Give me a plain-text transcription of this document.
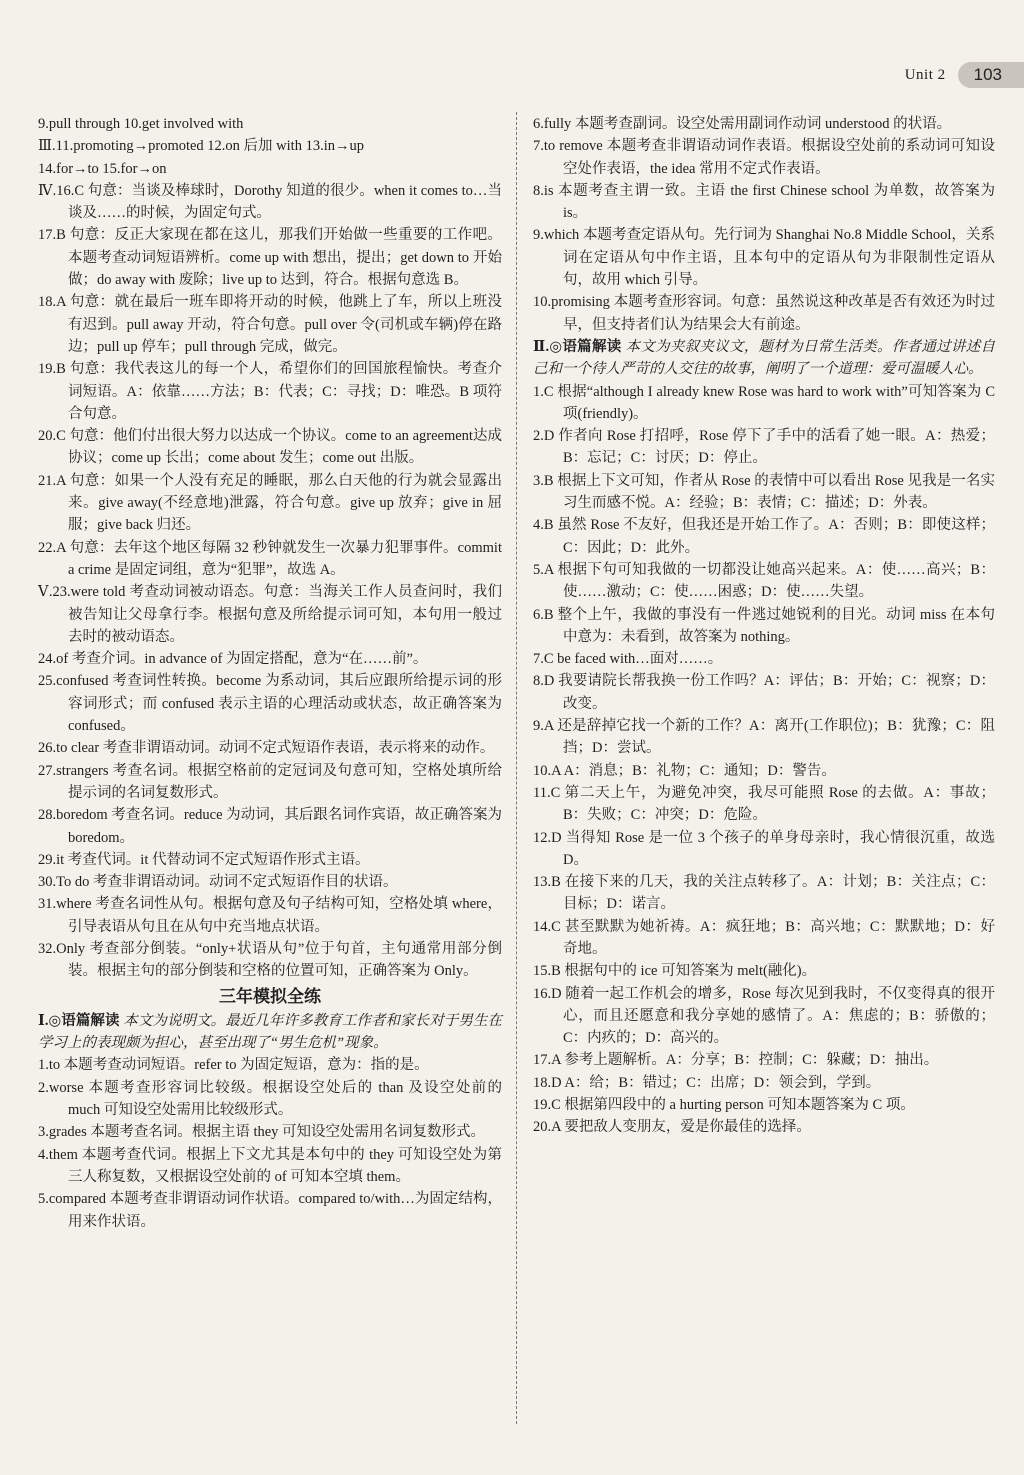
Unit 2	103
9.pull through 10.get involved with
Ⅲ.11.promoting→promoted 12.on 后加 with 13.in→up
14.for→to 15.for→on
Ⅳ.16.C 句意：当谈及棒球时，Dorothy 知道的很少。when it comes to…当谈及……的时候，为固定句式。
17.B 句意：反正大家现在都在这儿，那我们开始做一些重要的工作吧。本题考查动词短语辨析。come up with 想出，提出；get down to 开始做；do away with 废除；live up to 达到，符合。根据句意选 B。
18.A 句意：就在最后一班车即将开动的时候，他跳上了车，所以上班没有迟到。pull away 开动，符合句意。pull over 令(司机或车辆)停在路边；pull up 停车；pull through 完成，做完。
19.B 句意：我代表这儿的每一个人，希望你们的回国旅程愉快。考查介词短语。A：依靠……方法；B：代表；C：寻找；D：唯恐。B 项符合句意。
20.C 句意：他们付出很大努力以达成一个协议。come to an agreement达成协议；come up 长出；come about 发生；come out 出版。
21.A 句意：如果一个人没有充足的睡眠，那么白天他的行为就会显露出来。give away(不经意地)泄露，符合句意。give up 放弃；give in 屈服；give back 归还。
22.A 句意：去年这个地区每隔 32 秒钟就发生一次暴力犯罪事件。commit a crime 是固定词组，意为“犯罪”，故选 A。
Ⅴ.23.were told 考查动词被动语态。句意：当海关工作人员查问时，我们被告知让父母拿行李。根据句意及所给提示词可知，本句用一般过去时的被动语态。
24.of 考查介词。in advance of 为固定搭配，意为“在……前”。
25.confused 考查词性转换。become 为系动词，其后应跟所给提示词的形容词形式；而 confused 表示主语的心理活动或状态，故正确答案为 confused。
26.to clear 考查非谓语动词。动词不定式短语作表语，表示将来的动作。
27.strangers 考查名词。根据空格前的定冠词及句意可知，空格处填所给提示词的名词复数形式。
28.boredom 考查名词。reduce 为动词，其后跟名词作宾语，故正确答案为 boredom。
29.it 考查代词。it 代替动词不定式短语作形式主语。
30.To do 考查非谓语动词。动词不定式短语作目的状语。
31.where 考查名词性从句。根据句意及句子结构可知，空格处填 where，引导表语从句且在从句中充当地点状语。
32.Only 考查部分倒装。“only+状语从句”位于句首，主句通常用部分倒装。根据主句的部分倒装和空格的位置可知，正确答案为 Only。
三年模拟全练
Ⅰ.◎语篇解读 本文为说明文。最近几年许多教育工作者和家长对于男生在学习上的表现颇为担心，甚至出现了“男生危机”现象。
1.to 本题考查动词短语。refer to 为固定短语，意为：指的是。
2.worse 本题考查形容词比较级。根据设空处后的 than 及设空处前的 much 可知设空处需用比较级形式。
3.grades 本题考查名词。根据主语 they 可知设空处需用名词复数形式。
4.them 本题考查代词。根据上下文尤其是本句中的 they 可知设空处为第三人称复数，又根据设空处前的 of 可知本空填 them。
5.compared 本题考查非谓语动词作状语。compared to/with…为固定结构，用来作状语。
6.fully 本题考查副词。设空处需用副词作动词 understood 的状语。
7.to remove 本题考查非谓语动词作表语。根据设空处前的系动词可知设空处作表语，the idea 常用不定式作表语。
8.is 本题考查主谓一致。主语 the first Chinese school 为单数，故答案为 is。
9.which 本题考查定语从句。先行词为 Shanghai No.8 Middle School，关系词在定语从句中作主语，且本句中的定语从句为非限制性定语从句，故用 which 引导。
10.promising 本题考查形容词。句意：虽然说这种改革是否有效还为时过早，但支持者们认为结果会大有前途。
Ⅱ.◎语篇解读 本文为夹叙夹议文，题材为日常生活类。作者通过讲述自己和一个待人严苛的人交往的故事，阐明了一个道理：爱可温暖人心。
1.C 根据“although I already knew Rose was hard to work with”可知答案为 C 项(friendly)。
2.D 作者向 Rose 打招呼，Rose 停下了手中的活看了她一眼。A：热爱；B：忘记；C：讨厌；D：停止。
3.B 根据上下文可知，作者从 Rose 的表情中可以看出 Rose 见我是一名实习生而感不悦。A：经验；B：表情；C：描述；D：外表。
4.B 虽然 Rose 不友好，但我还是开始工作了。A：否则；B：即使这样；C：因此；D：此外。
5.A 根据下句可知我做的一切都没让她高兴起来。A：使……高兴；B：使……激动；C：使……困惑；D：使……失望。
6.B 整个上午，我做的事没有一件逃过她锐利的目光。动词 miss 在本句中意为：未看到，故答案为 nothing。
7.C be faced with…面对……。
8.D 我要请院长帮我换一份工作吗？A：评估；B：开始；C：视察；D：改变。
9.A 还是辞掉它找一个新的工作？A：离开(工作职位)；B：犹豫；C：阻挡；D：尝试。
10.A A：消息；B：礼物；C：通知；D：警告。
11.C 第二天上午，为避免冲突，我尽可能照 Rose 的去做。A：事故；B：失败；C：冲突；D：危险。
12.D 当得知 Rose 是一位 3 个孩子的单身母亲时，我心情很沉重，故选 D。
13.B 在接下来的几天，我的关注点转移了。A：计划；B：关注点；C：目标；D：诺言。
14.C 甚至默默为她祈祷。A：疯狂地；B：高兴地；C：默默地；D：好奇地。
15.B 根据句中的 ice 可知答案为 melt(融化)。
16.D 随着一起工作机会的增多，Rose 每次见到我时，不仅变得真的很开心，而且还愿意和我分享她的感情了。A：焦虑的；B：骄傲的；C：内疚的；D：高兴的。
17.A 参考上题解析。A：分享；B：控制；C：躲藏；D：抽出。
18.D A：给；B：错过；C：出席；D：领会到，学到。
19.C 根据第四段中的 a hurting person 可知本题答案为 C 项。
20.A 要把敌人变朋友，爱是你最佳的选择。
